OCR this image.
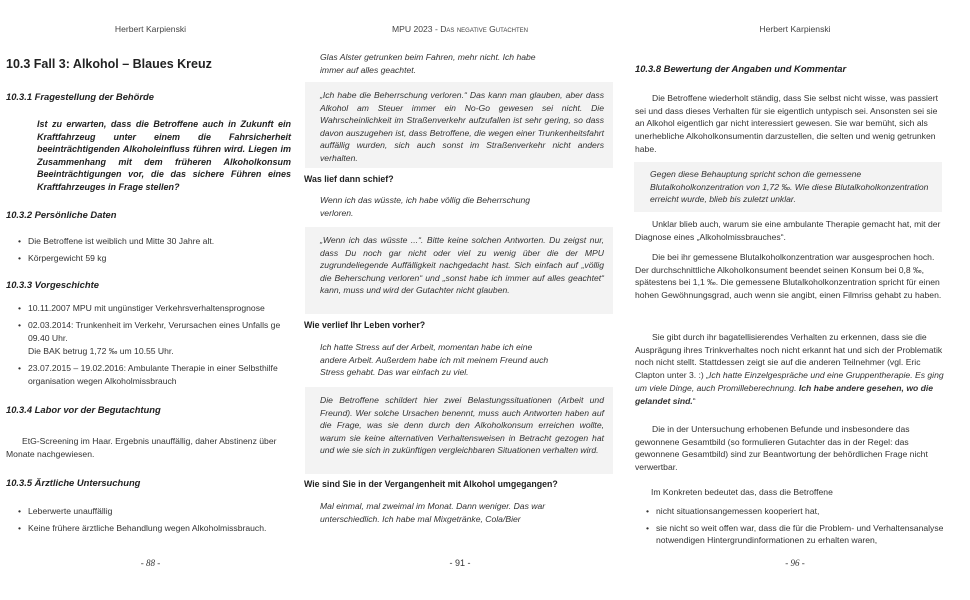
Herbert Karpienski
10.3 Fall 3: Alkohol – Blaues Kreuz
10.3.1 Fragestellung der Behörde
Ist zu erwarten, dass die Betroffene auch in Zukunft ein Kraftfahrzeug unter einem die Fahrsicherheit beeinträchtigenden Alkoholeinfluss führen wird. Liegen im Zusammenhang mit dem früheren Alkoholkonsum Beeinträchtigungen vor, die das sichere Führen eines Kraftfahrzeuges in Frage stellen?
10.3.2 Persönliche Daten
• Die Betroffene ist weiblich und Mitte 30 Jahre alt.
• Körpergewicht 59 kg
10.3.3 Vorgeschichte
• 10.11.2007 MPU mit ungünstiger Verkehrsverhaltensprognose
• 02.03.2014: Trunkenheit im Verkehr, Verursachen eines Unfalls ge
09.40 Uhr.
Die BAK betrug 1,72 ‰ um 10.55 Uhr.
• 23.07.2015 – 19.02.2016: Ambulante Therapie in einer Selbsthilfe
organisation wegen Alkoholmissbrauch
10.3.4 Labor vor der Begutachtung
EtG-Screening im Haar. Ergebnis unauffällig, daher Abstinenz über
Monate nachgewiesen.
10.3.5 Ärztliche Untersuchung
• Leberwerte unauffällig
• Keine frühere ärztliche Behandlung wegen Alkoholmissbrauch.
- 88 -
MPU 2023 - Das negative Gutachten
Glas Alster getrunken beim Fahren, mehr nicht. Ich habe immer auf alles geachtet.
„Ich habe die Beherrschung verloren.“ Das kann man glauben, aber dass Alkohol am Steuer immer ein No-Go gewesen sei nicht. Die Wahrscheinlichkeit im Straßenverkehr aufzufallen ist sehr gering, so dass davon auszugehen ist, dass Betroffene, die wegen einer Trunkenheitsfahrt auffällig wurden, sich auch sonst im Straßenverkehr nicht anders verhalten.
Was lief dann schief?
Wenn ich das wüsste, ich habe völlig die Beherrschung verloren.
„Wenn ich das wüsste ...“. Bitte keine solchen Antworten. Du zeigst nur, dass Du noch gar nicht oder viel zu wenig über die der MPU zugrundeliegende Auffälligkeit nachgedacht hast. Sich einfach auf „völlig die Beherschung verloren“ und „sonst habe ich immer auf alles geachtet“ kann, muss und wird der Gutachter nicht glauben.
Wie verlief Ihr Leben vorher?
Ich hatte Stress auf der Arbeit, momentan habe ich eine andere Arbeit. Außerdem habe ich mit meinem Freund auch Stress gehabt. Das war einfach zu viel.
Die Betroffene schildert hier zwei Belastungssituationen (Arbeit und Freund). Wer solche Ursachen benennt, muss auch Antworten haben auf die Frage, was sie denn durch den Alkoholkonsum erreichen wollte, warum sie keine alternativen Verhaltensweisen in Betracht gezogen hat und wie sie sich in zukünftigen vergleichbaren Situationen verhalten wird.
Wie sind Sie in der Vergangenheit mit Alkohol umgegangen?
Mal einmal, mal zweimal im Monat. Dann weniger. Das war unterschiedlich. Ich habe mal Mixgetränke, Cola/Bier
- 91 -
Herbert Karpienski
10.3.8 Bewertung der Angaben und Kommentar
Die Betroffene wiederholt ständig, dass Sie selbst nicht wisse, was passiert sei und dass dieses Verhalten für sie eigentlich untypisch sei. Ansonsten sei sie an Alkohol eigentlich gar nicht interessiert gewesen. Sie war bemüht, sich als unerhebliche Alkoholkonsumentin darzustellen, die selten und wenig getrunken habe.
Gegen diese Behauptung spricht schon die gemessene Blutalkoholkonzentration von 1,72 ‰. Wie diese Blutalkoholkonzentration erreicht wurde, blieb bis zuletzt unklar.
Unklar blieb auch, warum sie eine ambulante Therapie gemacht hat, mit der Diagnose eines „Alkoholmissbrauches“.
Die bei ihr gemessene Blutalkoholkonzentration war ausgesprochen hoch. Der durchschnittliche Alkoholkonsument beendet seinen Konsum bei 0,8 ‰, spätestens bei 1,1 ‰. Die gemessene Blutalkoholkonzentration spricht für einen hohen Gewöhnungsgrad, auch wenn sie angibt, einen Filmriss gehabt zu haben.
Sie gibt durch ihr bagatellisierendes Verhalten zu erkennen, dass sie die Ausprägung ihres Trinkverhaltes noch nicht erkannt hat und sich der Problematik noch nicht stellt. Stattdessen zeigt sie auf die anderen Teilnehmer (vgl. Eric Clapton unter 3. :) „Ich hatte Einzelgespräche und eine Gruppentherapie. Es ging um viele Dinge, auch Promilleberechnung. Ich habe andere gesehen, wo die gelandet sind.“
Die in der Untersuchung erhobenen Befunde und insbesondere das gewonnene Gesamtbild (so formulieren Gutachter das in der Regel: das gewonnene Gesamtbild) sind zur Beantwortung der behördlichen Frage nicht verwertbar.
Im Konkreten bedeutet das, dass die Betroffene
• nicht situationsangemessen kooperiert hat,
• sie nicht so weit offen war, dass die für die Problem- und Verhaltensanalyse notwendigen Hintergrundinformationen zu erhalten waren,
- 96 -
